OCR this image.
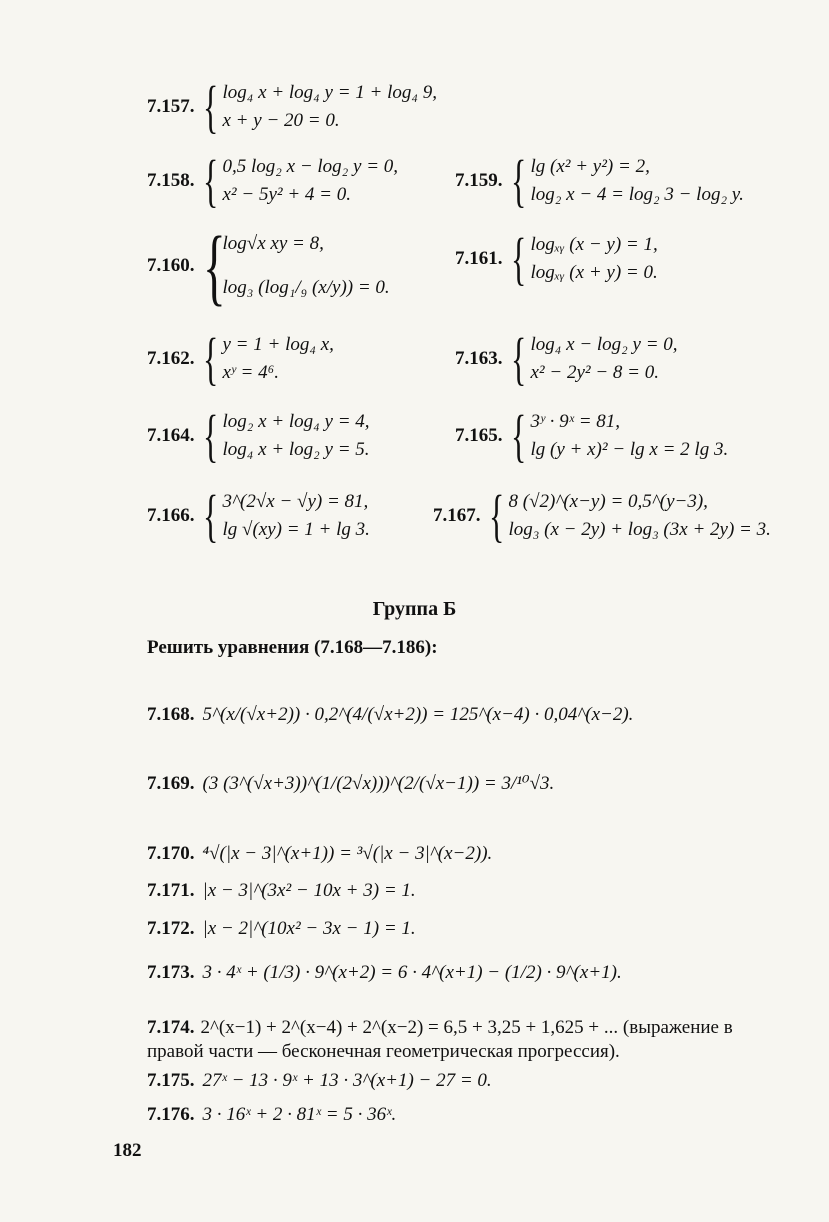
7.157. { log₄ x + log₄ y = 1 + log₄ 9,
x + y − 20 = 0.
7.158. { 0,5 log₂ x − log₂ y = 0,
x² − 5y² + 4 = 0.
7.159. { lg (x² + y²) = 2,
log₂ x − 4 = log₂ 3 − log₂ y.
7.160. {
log√x xy = 8,
log₃ (log₁/₉ (x/y)) = 0.
7.161. { logₓᵧ (x − y) = 1,
logₓᵧ (x + y) = 0.
7.162. { y = 1 + log₄ x,
xʸ = 4⁶.
7.163. { log₄ x − log₂ y = 0,
x² − 2y² − 8 = 0.
7.164. { log₂ x + log₄ y = 4,
log₄ x + log₂ y = 5.
7.165. { 3ʸ · 9ˣ = 81,
lg (y + x)² − lg x = 2 lg 3.
7.166. { 3^(2√x − √y) = 81,
lg √(xy) = 1 + lg 3.
7.167. { 8 (√2)^(x−y) = 0,5^(y−3),
log₃ (x − 2y) + log₃ (3x + 2y) = 3.
Группа Б
Решить уравнения (7.168—7.186):
7.168. 5^(x/(√x+2)) · 0,2^(4/(√x+2)) = 125^(x−4) · 0,04^(x−2).
7.169. (3 (3^(√x+3))^(1/(2√x)))^(2/(√x−1)) = 3/¹⁰√3.
7.170. ⁴√(|x − 3|^(x+1)) = ³√(|x − 3|^(x−2)).
7.171. |x − 3|^(3x² − 10x + 3) = 1.
7.172. |x − 2|^(10x² − 3x − 1) = 1.
7.173. 3 · 4ˣ + (1/3) · 9^(x+2) = 6 · 4^(x+1) − (1/2) · 9^(x+1).
7.174. 2^(x−1) + 2^(x−4) + 2^(x−2) = 6,5 + 3,25 + 1,625 + ... (выражение в правой части — бесконечная геометрическая прогрессия).
7.175. 27ˣ − 13 · 9ˣ + 13 · 3^(x+1) − 27 = 0.
7.176. 3 · 16ˣ + 2 · 81ˣ = 5 · 36ˣ.
182
